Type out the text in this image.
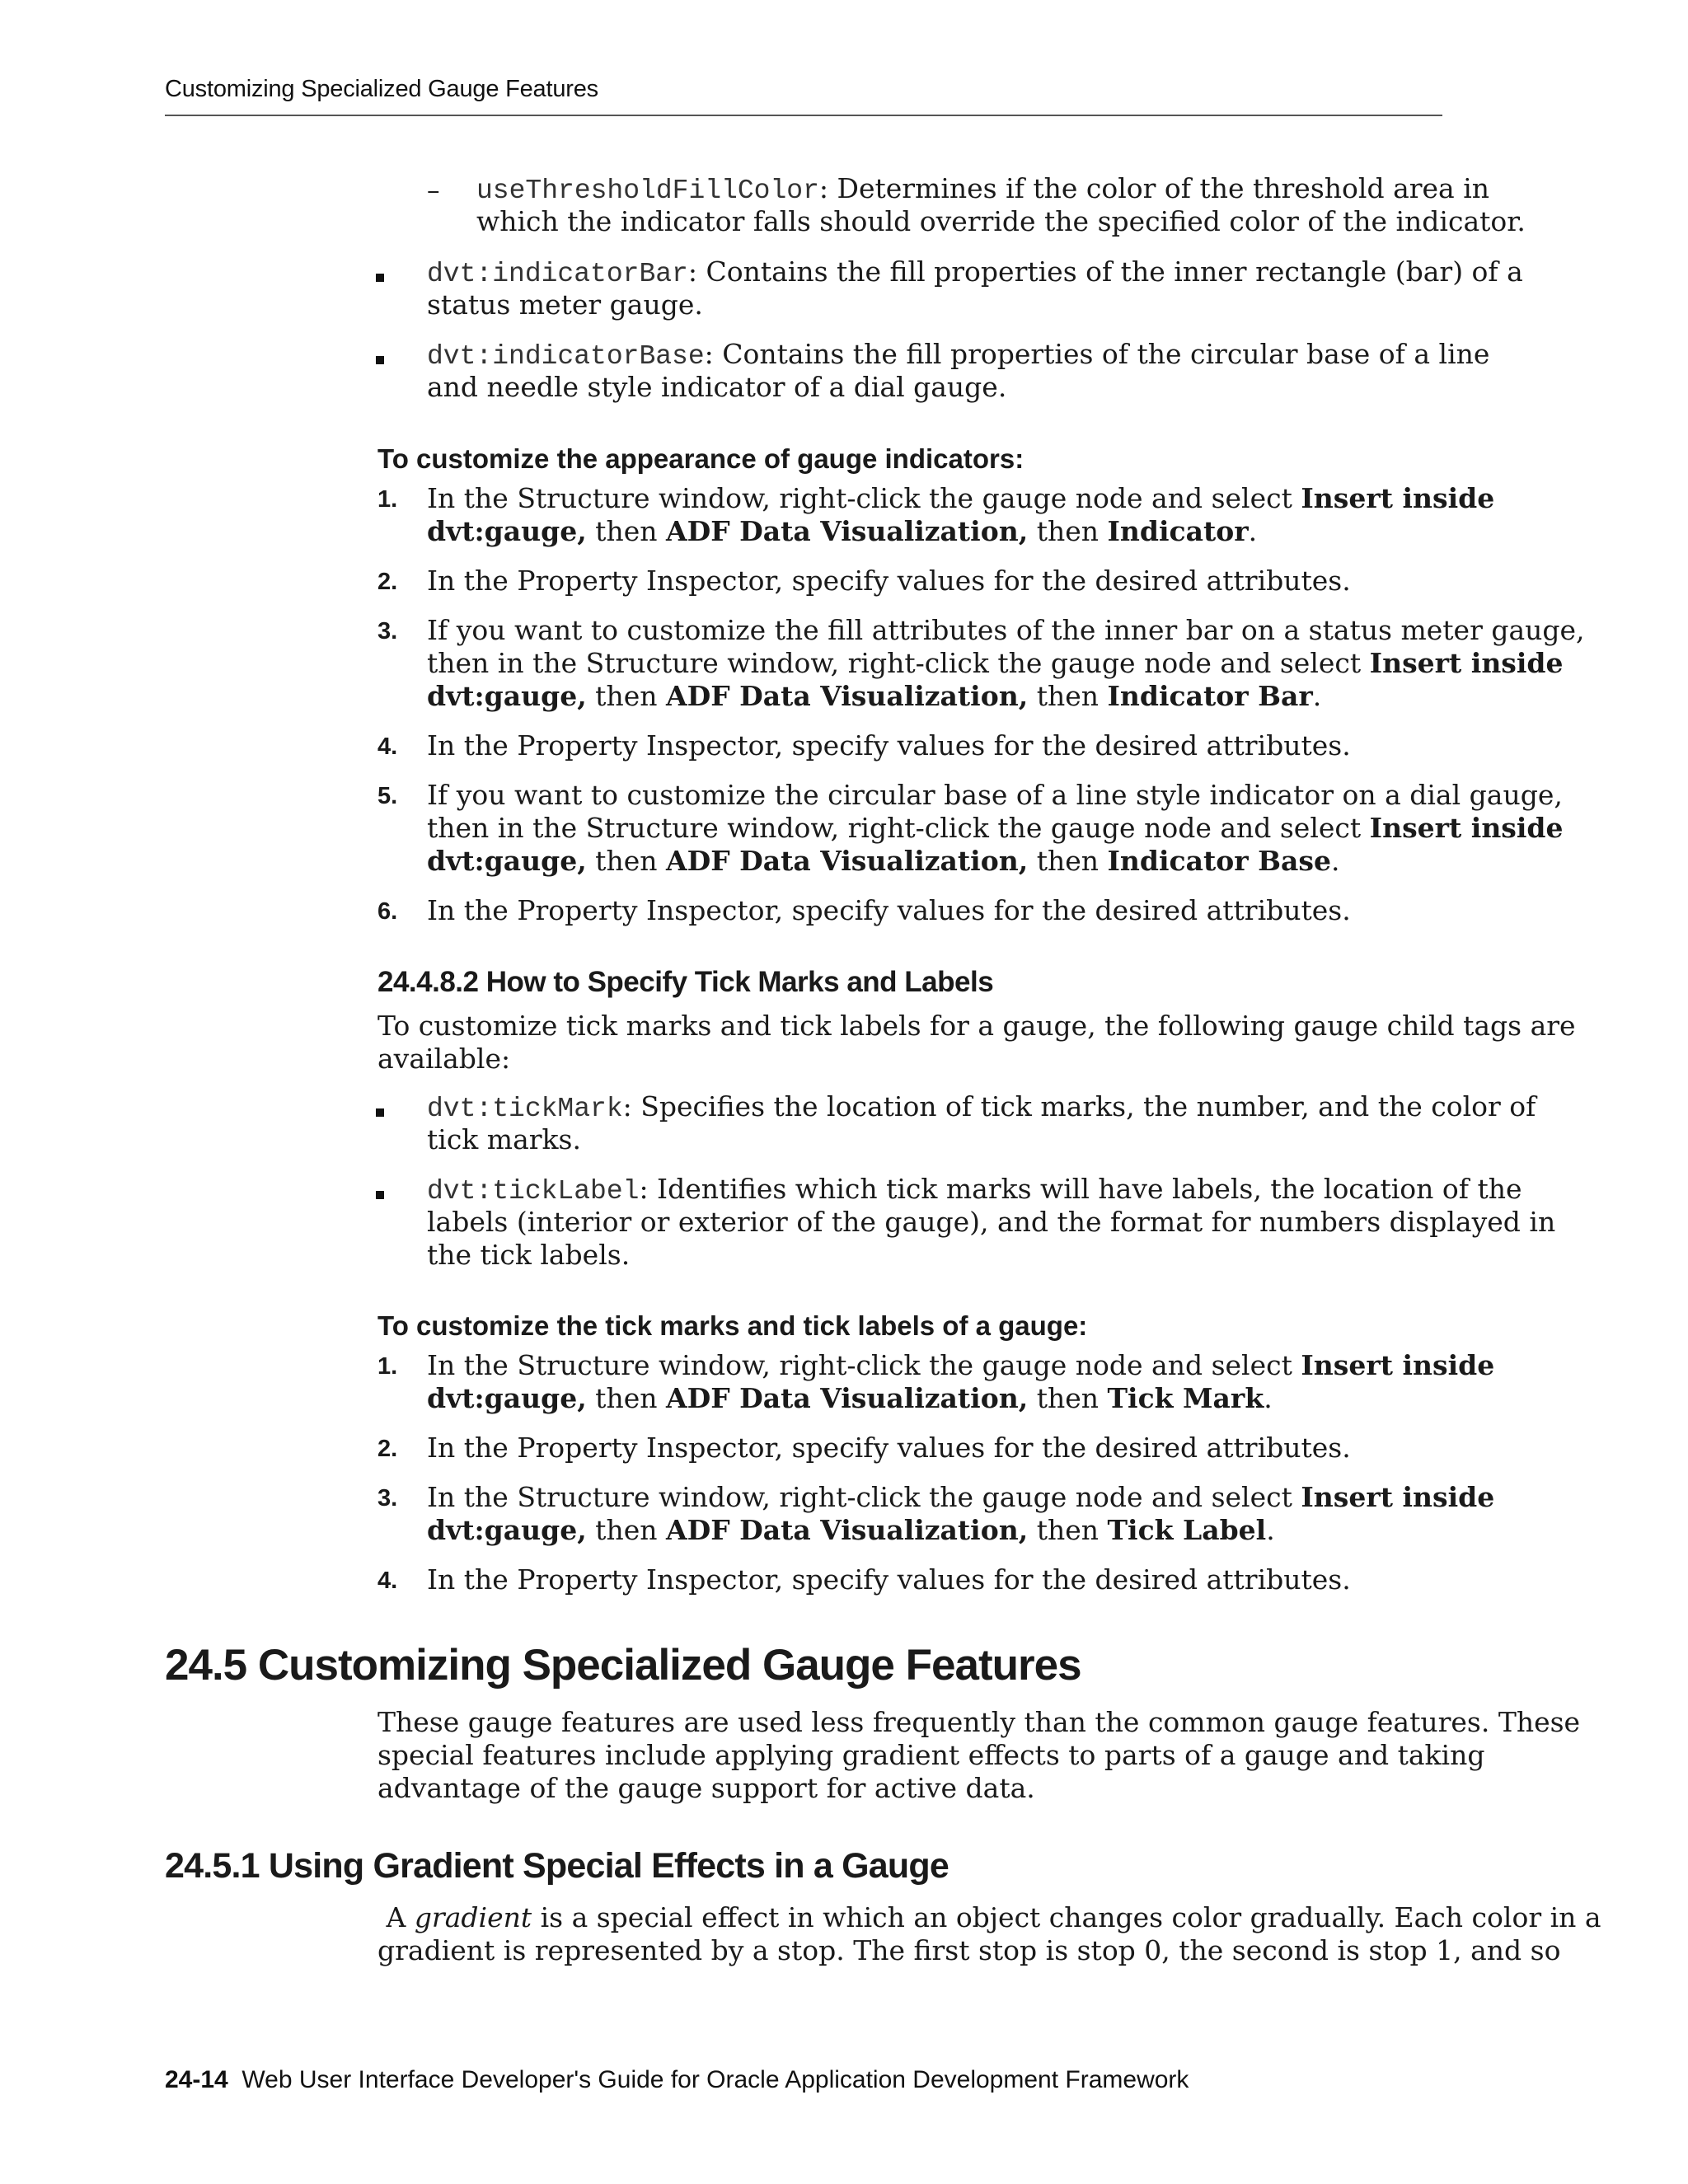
Customizing Specialized Gauge Features
– useThresholdFillColor: Determines if the color of the threshold area in
which the indicator falls should override the specified color of the indicator.
dvt:indicatorBar: Contains the fill properties of the inner rectangle (bar) of a
status meter gauge.
dvt:indicatorBase: Contains the fill properties of the circular base of a line
and needle style indicator of a dial gauge.
To customize the appearance of gauge indicators:
1. In the Structure window, right-click the gauge node and select Insert inside
dvt:gauge, then ADF Data Visualization, then Indicator.
2. In the Property Inspector, specify values for the desired attributes.
3. If you want to customize the fill attributes of the inner bar on a status meter gauge,
then in the Structure window, right-click the gauge node and select Insert inside
dvt:gauge, then ADF Data Visualization, then Indicator Bar.
4. In the Property Inspector, specify values for the desired attributes.
5. If you want to customize the circular base of a line style indicator on a dial gauge,
then in the Structure window, right-click the gauge node and select Insert inside
dvt:gauge, then ADF Data Visualization, then Indicator Base.
6. In the Property Inspector, specify values for the desired attributes.
24.4.8.2 How to Specify Tick Marks and Labels
To customize tick marks and tick labels for a gauge, the following gauge child tags are
available:
dvt:tickMark: Specifies the location of tick marks, the number, and the color of
tick marks.
dvt:tickLabel: Identifies which tick marks will have labels, the location of the
labels (interior or exterior of the gauge), and the format for numbers displayed in
the tick labels.
To customize the tick marks and tick labels of a gauge:
1. In the Structure window, right-click the gauge node and select Insert inside
dvt:gauge, then ADF Data Visualization, then Tick Mark.
2. In the Property Inspector, specify values for the desired attributes.
3. In the Structure window, right-click the gauge node and select Insert inside
dvt:gauge, then ADF Data Visualization, then Tick Label.
4. In the Property Inspector, specify values for the desired attributes.
24.5 Customizing Specialized Gauge Features
These gauge features are used less frequently than the common gauge features. These
special features include applying gradient effects to parts of a gauge and taking
advantage of the gauge support for active data.
24.5.1 Using Gradient Special Effects in a Gauge
A gradient is a special effect in which an object changes color gradually. Each color in a
gradient is represented by a stop. The first stop is stop 0, the second is stop 1, and so
24-14 Web User Interface Developer's Guide for Oracle Application Development Framework
